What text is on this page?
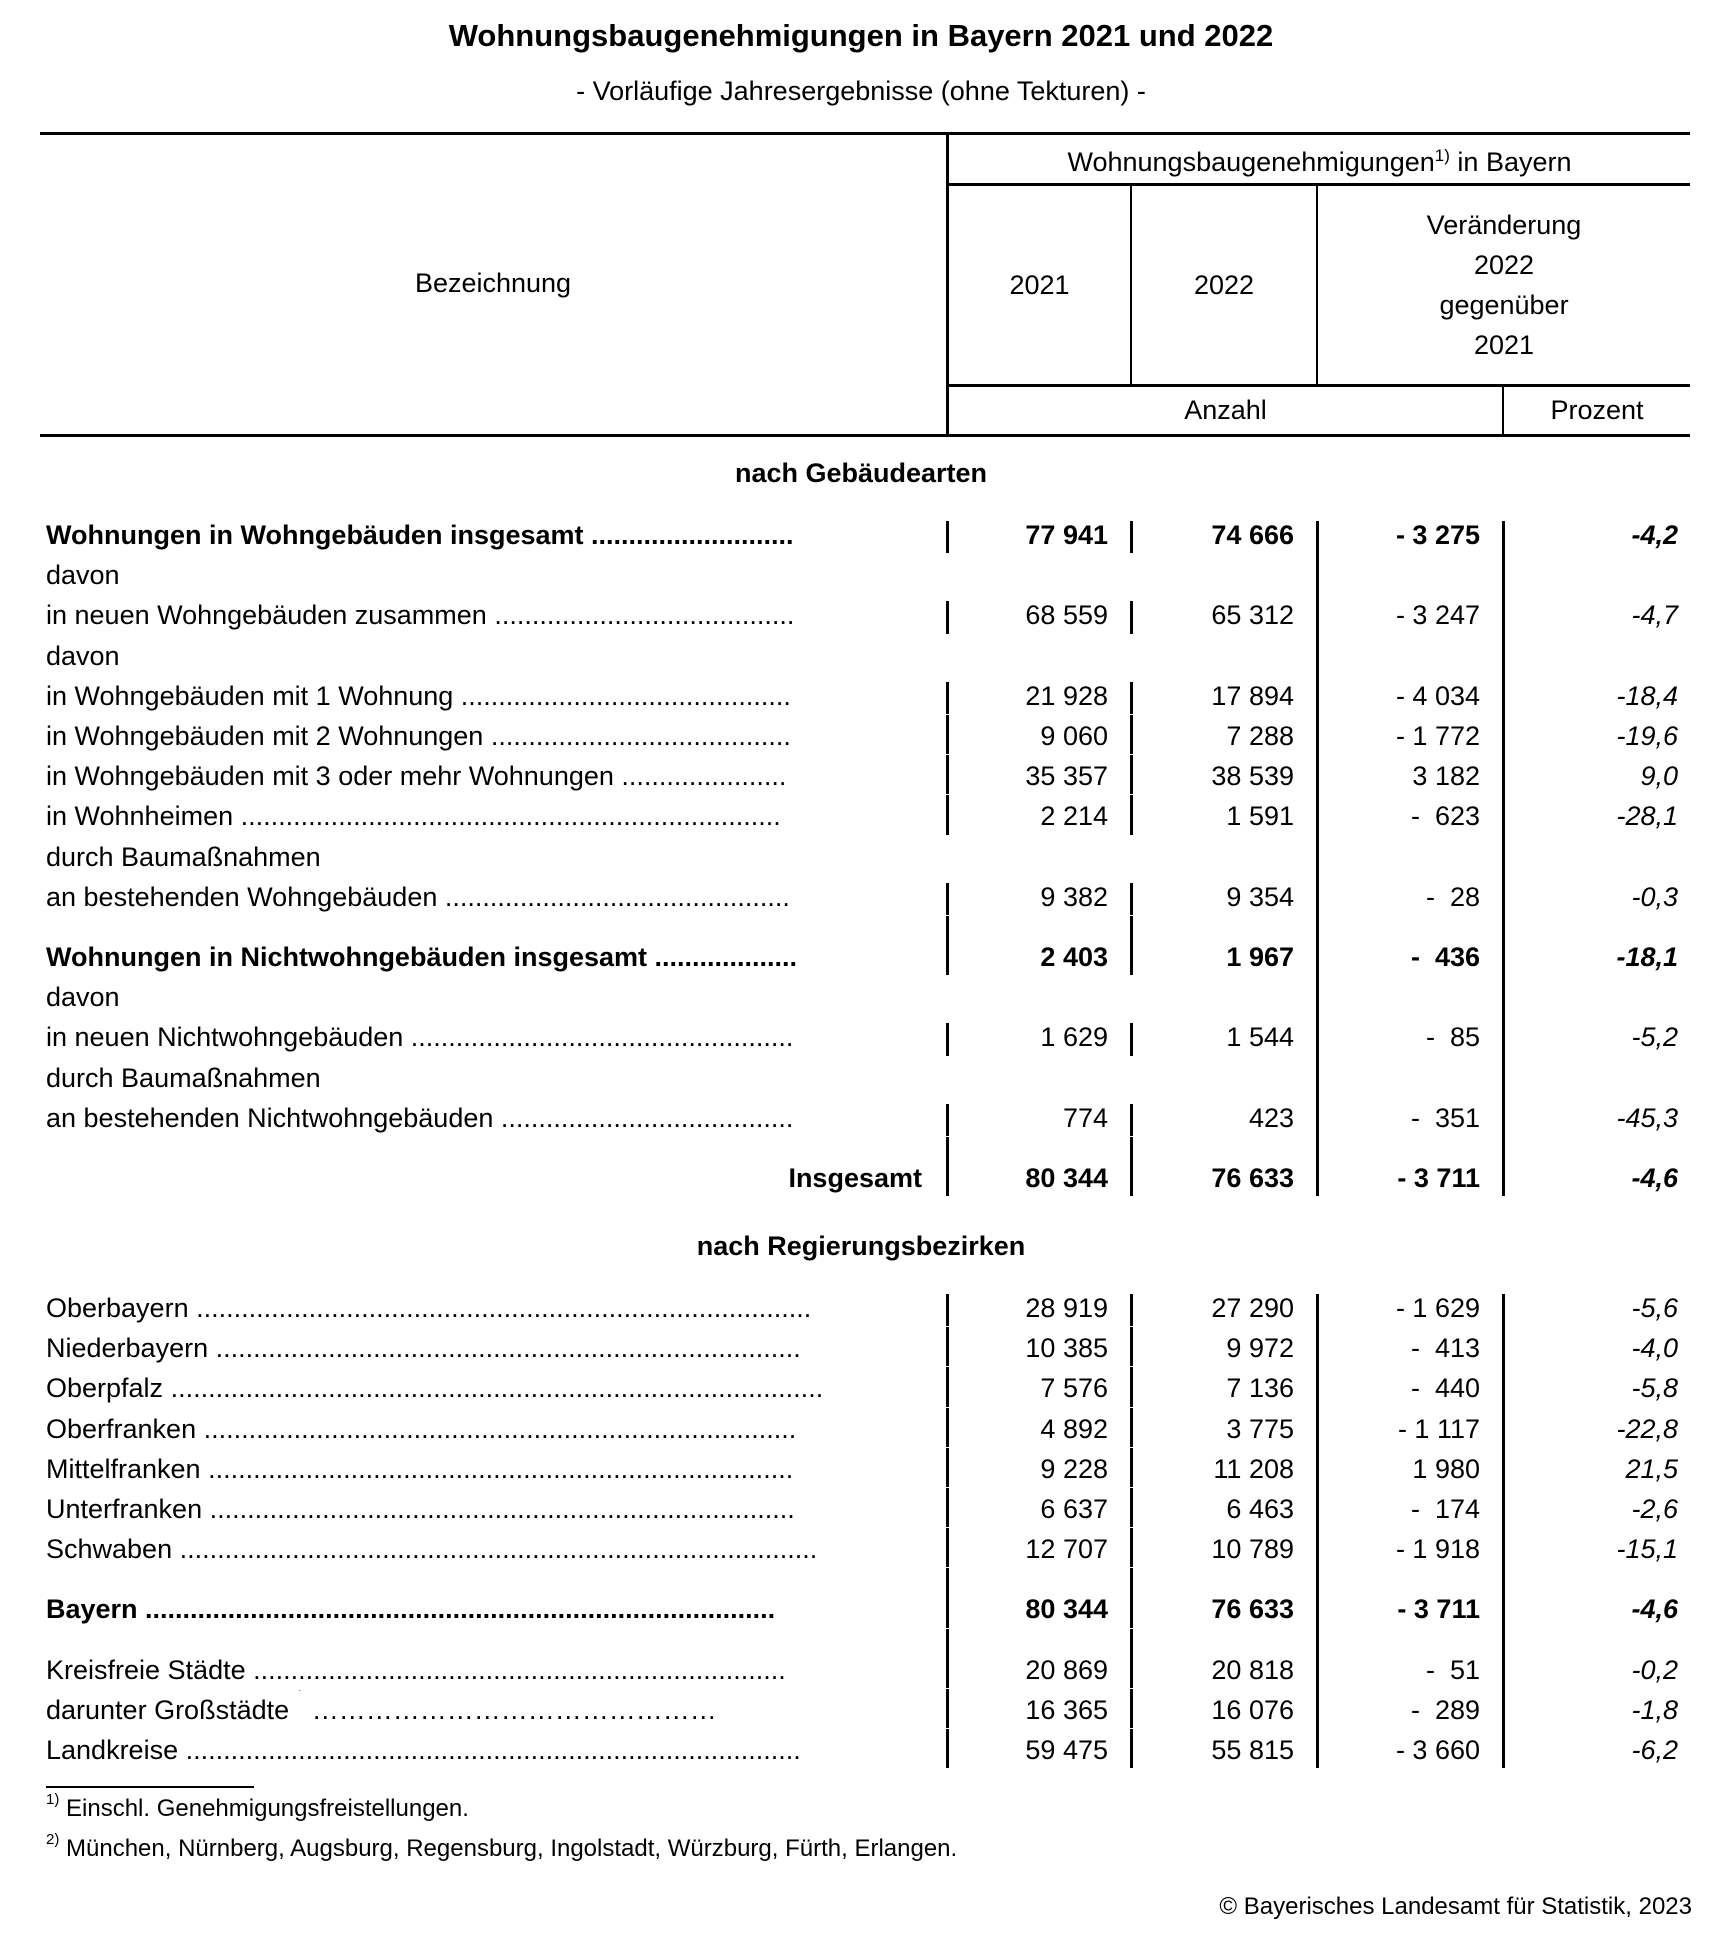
Wohnungsbaugenehmigungen in Bayern 2021 und 2022
- Vorläufige Jahresergebnisse (ohne Tekturen) -
Wohnungsbaugenehmigungen$^{1)}$ in Bayern
Bezeichnung	2021	2022
Veränderung
2022
gegenüber
2021
Anzahl	Prozent
nach Gebäudearten
Wohnungen in Wohngebäuden insgesamt ...........................	77 941	74 666	- 3 275	-4,2
davon
in neuen Wohngebäuden zusammen ........................................	68 559	65 312	- 3 247	-4,7
davon
in Wohngebäuden mit 1 Wohnung ............................................	21 928	17 894	- 4 034	-18,4
in Wohngebäuden mit 2 Wohnungen ........................................	9 060	7 288	- 1 772	-19,6
in Wohngebäuden mit 3 oder mehr Wohnungen ......................	35 357	38 539	3 182	9,0
in Wohnheimen ........................................................................	2 214	1 591	-  623	-28,1
durch Baumaßnahmen
an bestehenden Wohngebäuden ..............................................	9 382	9 354	-  28	-0,3
Wohnungen in Nichtwohngebäuden insgesamt ...................	2 403	1 967	-  436	-18,1
davon
in neuen Nichtwohngebäuden ...................................................	1 629	1 544	-  85	-5,2
durch Baumaßnahmen
an bestehenden Nichtwohngebäuden .......................................	774	423	-  351	-45,3
Insgesamt	80 344	76 633	- 3 711	-4,6
nach Regierungsbezirken
Oberbayern ..................................................................................	28 919	27 290	- 1 629	-5,6
Niederbayern ..............................................................................	10 385	9 972	-  413	-4,0
Oberpfalz .......................................................................................	7 576	7 136	-  440	-5,8
Oberfranken ...............................................................................	4 892	3 775	- 1 117	-22,8
Mittelfranken ..............................................................................	9 228	11 208	1 980	21,5
Unterfranken ..............................................................................	6 637	6 463	-  174	-2,6
Schwaben .....................................................................................	12 707	10 789	- 1 918	-15,1
Bayern ....................................................................................	80 344	76 633	- 3 711	-4,6
Kreisfreie Städte .......................................................................	20 869	20 818	-  51	-0,2
darunter Großstädte ………………………………………	16 365	16 076	-  289	-1,8
Landkreise ..................................................................................	59 475	55 815	- 3 660	-6,2
$^{1)}$ Einschl. Genehmigungsfreistellungen.
$^{2)}$ München, Nürnberg, Augsburg, Regensburg, Ingolstadt, Würzburg, Fürth, Erlangen.
© Bayerisches Landesamt für Statistik, 2023
